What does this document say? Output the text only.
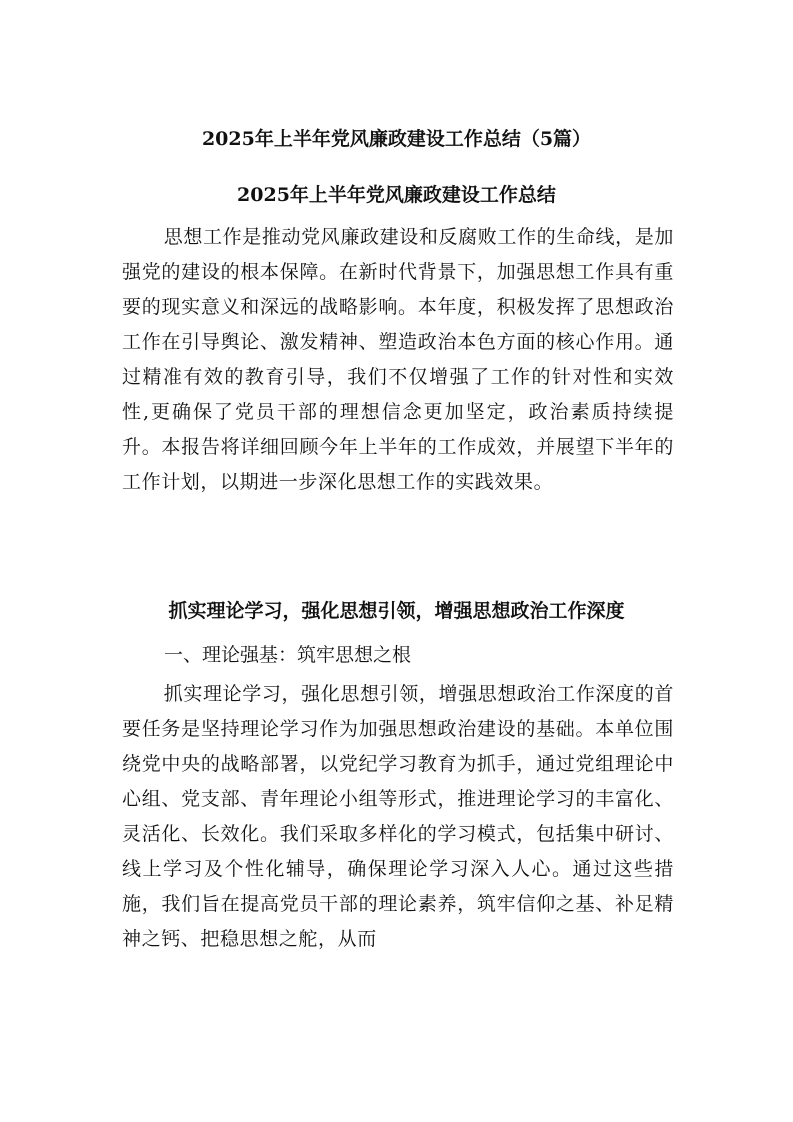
2025年上半年党风廉政建设工作总结（5篇）
2025年上半年党风廉政建设工作总结

思想工作是推动党风廉政建设和反腐败工作的生命线，是加强党的建设的根本保障。在新时代背景下，加强思想工作具有重要的现实意义和深远的战略影响。本年度，积极发挥了思想政治工作在引导舆论、激发精神、塑造政治本色方面的核心作用。通过精准有效的教育引导，我们不仅增强了工作的针对性和实效性,更确保了党员干部的理想信念更加坚定，政治素质持续提升。本报告将详细回顾今年上半年的工作成效，并展望下半年的工作计划，以期进一步深化思想工作的实践效果。

抓实理论学习，强化思想引领，增强思想政治工作深度
一、理论强基：筑牢思想之根

抓实理论学习，强化思想引领，增强思想政治工作深度的首要任务是坚持理论学习作为加强思想政治建设的基础。本单位围绕党中央的战略部署，以党纪学习教育为抓手，通过党组理论中心组、党支部、青年理论小组等形式，推进理论学习的丰富化、灵活化、长效化。我们采取多样化的学习模式，包括集中研讨、线上学习及个性化辅导，确保理论学习深入人心。通过这些措施，我们旨在提高党员干部的理论素养，筑牢信仰之基、补足精神之钙、把稳思想之舵，从而
